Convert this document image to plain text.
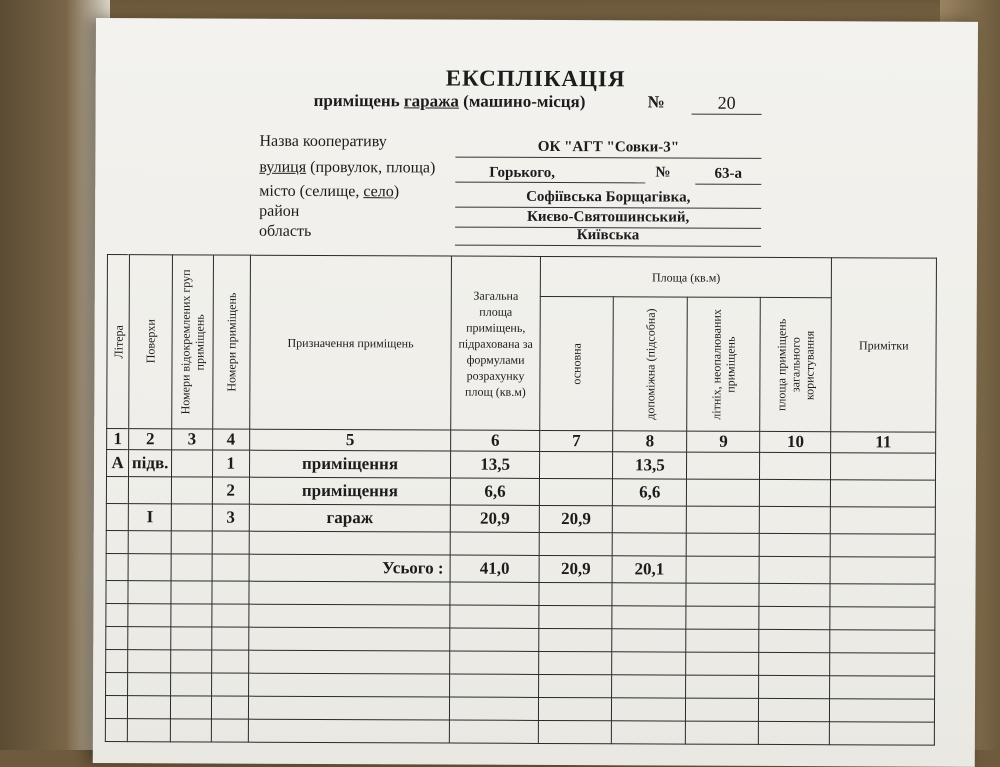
ЕКСПЛІКАЦІЯ
приміщень гаража (машино-місця)	№	20
Назва кооперативу	ОК "АГТ "Совки-3"
вулиця (провулок, площа)	Горького,	№	63-а
місто (селище, село)	Софіївська Борщагівка,
район	Києво-Святошинський,
область	Київська
Літера	Поверхи	Номери відокремлених груп приміщень	Номери приміщень	Призначення приміщень	Загальна площа приміщень, підрахована за формулами розрахунку площ (кв.м)	Площа (кв.м)				Примітки

						основна	допоміжна (підсобна)	літніх, неопалюваних приміщень	площа приміщень загального користування	

1	2	3	4	5	6	7	8	9	10	11
А	підв.		1	приміщення	13,5		13,5			
			2	приміщення	6,6		6,6			
	І		3	гараж	20,9	20,9				

				Усього :	41,0	20,9	20,1			
